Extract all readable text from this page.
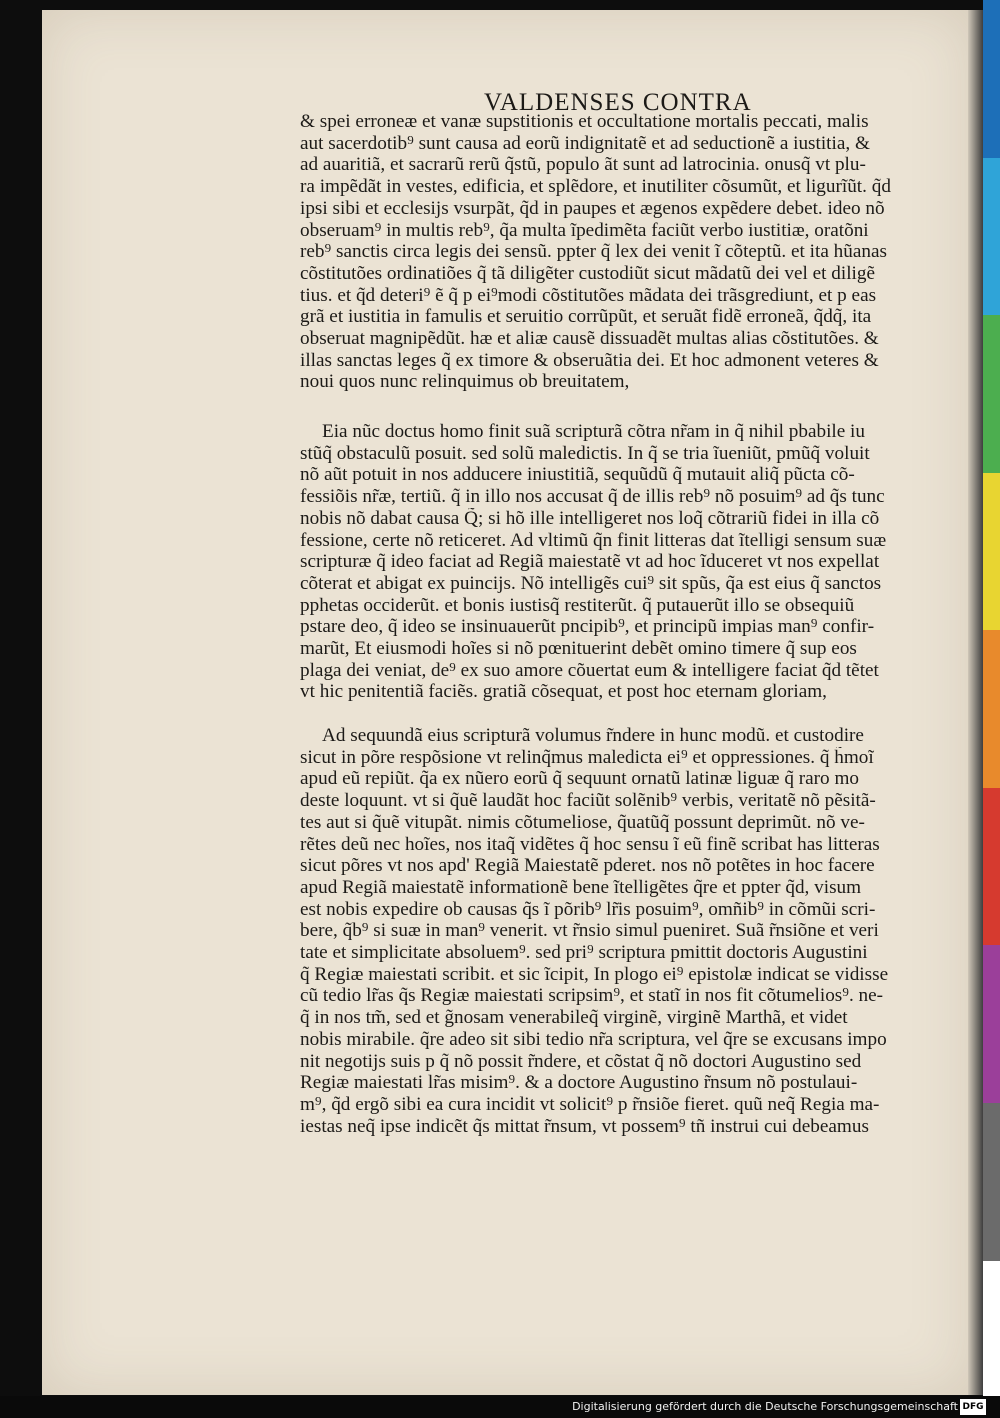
VALDENSES CONTRA
& spei erroneæ et vanæ supstitionis et occultatione mortalis peccati, malis
aut sacerdotib⁹ sunt causa ad eorũ indignitatẽ et ad seductionẽ a iustitia, &
ad auaritiã, et sacrarũ rerũ q̃stũ, populo ãt sunt ad latrocinia. onusq̃ vt plu-
ra impẽdãt in vestes, edificia, et splẽdore, et inutiliter cõsumũt, et ligurĩũt. q̃d
ipsi sibi et ecclesijs vsurpãt, q̃d in paupes et ægenos expẽdere debet. ideo nõ
obseruam⁹ in multis reb⁹, q̃a multa ĩpedimẽta faciũt verbo iustitiæ, oratõni
reb⁹ sanctis circa legis dei sensũ. ppter q̃ lex dei venit ĩ cõteptũ. et ita hũanas
cõstitutões ordinatiões q̃ tã diligẽter custodiũt sicut mãdatũ dei vel et diligẽ
tius. et q̃d deteri⁹ ẽ q̃ p ei⁹modi cõstitutões mãdata dei trãsgrediunt, et p eas
grã et iustitia in famulis et seruitio corrũpũt, et seruãt fidẽ erroneã, q̃dq̃, ita
obseruat magnipẽdũt. hæ et aliæ causẽ dissuadẽt multas alias cõstitutões. &
illas sanctas leges q̃ ex timore & obseruãtia dei. Et hoc admonent veteres &
noui quos nunc relinquimus ob breuitatem,
Eia nũc doctus homo finit suã scripturã cõtra nr̃am in q̃ nihil pbabile iu
stũq̃ obstaculũ posuit. sed solũ maledictis. In q̃ se tria ĩueniũt, pmũq̃ voluit
nõ aũt potuit in nos adducere iniustitiã, sequũdũ q̃ mutauit aliq̃ pũcta cõ-
fessiõis nr̃æ, tertiũ. q̃ in illo nos accusat q̃ de illis reb⁹ nõ posuim⁹ ad q̃s tunc
nobis nõ dabat causa Q̃; si hõ ille intelligeret nos loq̃ cõtrariũ fidei in illa cõ
fessione, certe nõ reticeret. Ad vltimũ q̃n finit litteras dat ĩtelligi sensum suæ
scripturæ q̃ ideo faciat ad Regiã maiestatẽ vt ad hoc ĩduceret vt nos expellat
cõterat et abigat ex puincijs. Nõ intelligẽs cui⁹ sit spũs, q̃a est eius q̃ sanctos
pphetas occiderũt. et bonis iustisq̃ restiterũt. q̃ putauerũt illo se obsequiũ
pstare deo, q̃ ideo se insinuauerũt pncipib⁹, et principũ impias man⁹ confir-
marũt, Et eiusmodi hoĩes si nõ pœnituerint debẽt omino timere q̃ sup eos
plaga dei veniat, de⁹ ex suo amore cõuertat eum & intelligere faciat q̃d tẽtet
vt hic penitentiã faciẽs. gratiã cõsequat, et post hoc eternam gloriam,
Ad sequundã eius scripturã volumus r̃ndere in hunc modũ. et custodire
sicut in põre respõsione vt relinq̃mus maledicta ei⁹ et oppressiones. q̃ h̃moĩ
apud eũ repiũt. q̃a ex nũero eorũ q̃ sequunt ornatũ latinæ liguæ q̃ raro mo
deste loquunt. vt si q̃uẽ laudãt hoc faciũt solẽnib⁹ verbis, veritatẽ nõ pẽsitã-
tes aut si q̃uẽ vitupãt. nimis cõtumeliose, q̃uatũq̃ possunt deprimũt. nõ ve-
rẽtes deũ nec hoĩes, nos itaq̃ vidẽtes q̃ hoc sensu ĩ eũ finẽ scribat has litteras
sicut põres vt nos apd' Regiã Maiestatẽ pderet. nos nõ potẽtes in hoc facere
apud Regiã maiestatẽ informationẽ bene ĩtelligẽtes q̃re et ppter q̃d, visum
est nobis expedire ob causas q̃s ĩ põrib⁹ lr̃is posuim⁹, omñib⁹ in cõmũi scri-
bere, q̃b⁹ si suæ in man⁹ venerit. vt r̃nsio simul pueniret. Suã r̃nsiõne et veri
tate et simplicitate absoluem⁹. sed pri⁹ scriptura pmittit doctoris Augustini
q̃ Regiæ maiestati scribit. et sic ĩcipit, In plogo ei⁹ epistolæ indicat se vidisse
cũ tedio lr̃as q̃s Regiæ maiestati scripsim⁹, et statĩ in nos fit cõtumelios⁹. ne-
q̃ in nos tm̃, sed et g̃nosam venerabileq̃ virginẽ, virginẽ Marthã, et videt
nobis mirabile. q̃re adeo sit sibi tedio nr̃a scriptura, vel q̃re se excusans impo
nit negotijs suis p q̃ nõ possit r̃ndere, et cõstat q̃ nõ doctori Augustino sed
Regiæ maiestati lr̃as misim⁹. & a doctore Augustino r̃nsum nõ postulaui-
m⁹, q̃d ergõ sibi ea cura incidit vt solicit⁹ p r̃nsiõe fieret. quũ neq̃ Regia ma-
iestas neq̃ ipse indicẽt q̃s mittat r̃nsum, vt possem⁹ tñ instrui cui debeamus
Digitalisierung gefördert durch die Deutsche Forschungsgemeinschaft DFG
